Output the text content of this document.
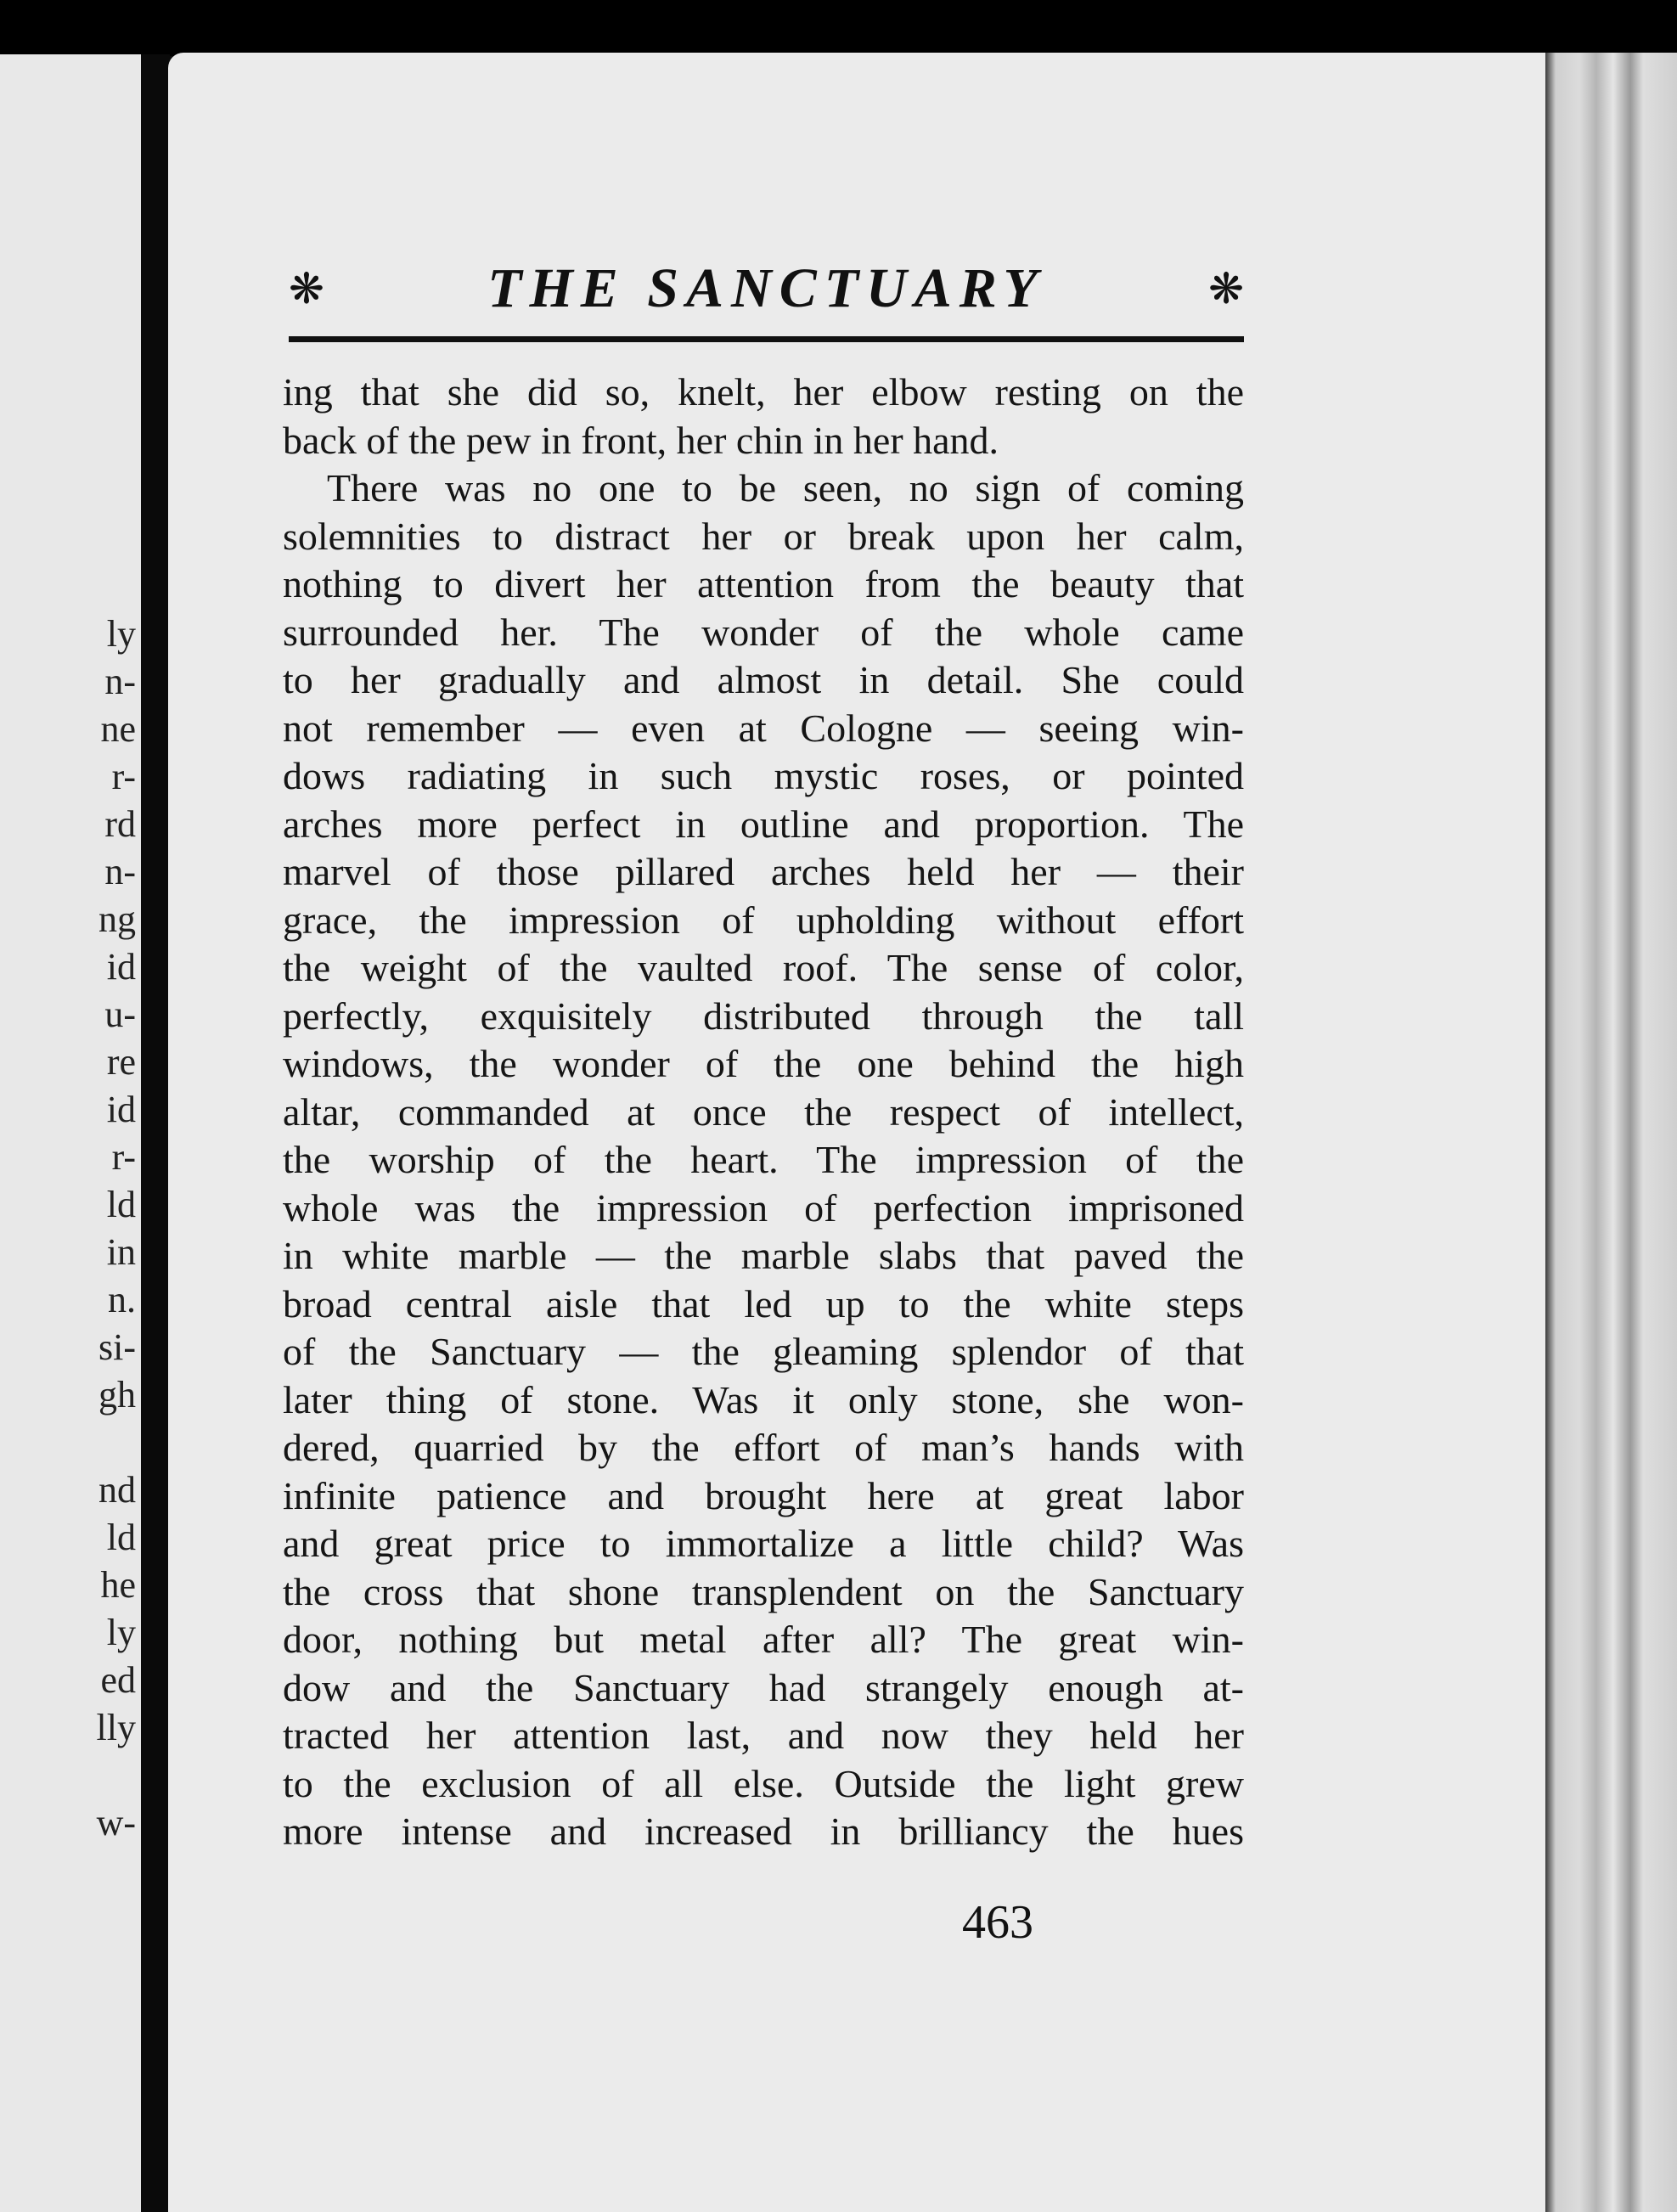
ly
n-
ne
r-
rd
n-
ng
id
u-
re
id
r-
ld
in
n.
si-
gh
nd
ld
he
ly
ed
lly
w-
❋	THE SANCTUARY	❋
ing that she did so, knelt, her elbow resting on the
back of the pew in front, her chin in her hand.
There was no one to be seen, no sign of coming
solemnities to distract her or break upon her calm,
nothing to divert her attention from the beauty that
surrounded her. The wonder of the whole came
to her gradually and almost in detail. She could
not remember — even at Cologne — seeing win-
dows radiating in such mystic roses, or pointed
arches more perfect in outline and proportion. The
marvel of those pillared arches held her — their
grace, the impression of upholding without effort
the weight of the vaulted roof. The sense of color,
perfectly, exquisitely distributed through the tall
windows, the wonder of the one behind the high
altar, commanded at once the respect of intellect,
the worship of the heart. The impression of the
whole was the impression of perfection imprisoned
in white marble — the marble slabs that paved the
broad central aisle that led up to the white steps
of the Sanctuary — the gleaming splendor of that
later thing of stone. Was it only stone, she won-
dered, quarried by the effort of man’s hands with
infinite patience and brought here at great labor
and great price to immortalize a little child? Was
the cross that shone transplendent on the Sanctuary
door, nothing but metal after all? The great win-
dow and the Sanctuary had strangely enough at-
tracted her attention last, and now they held her
to the exclusion of all else. Outside the light grew
more intense and increased in brilliancy the hues
463
